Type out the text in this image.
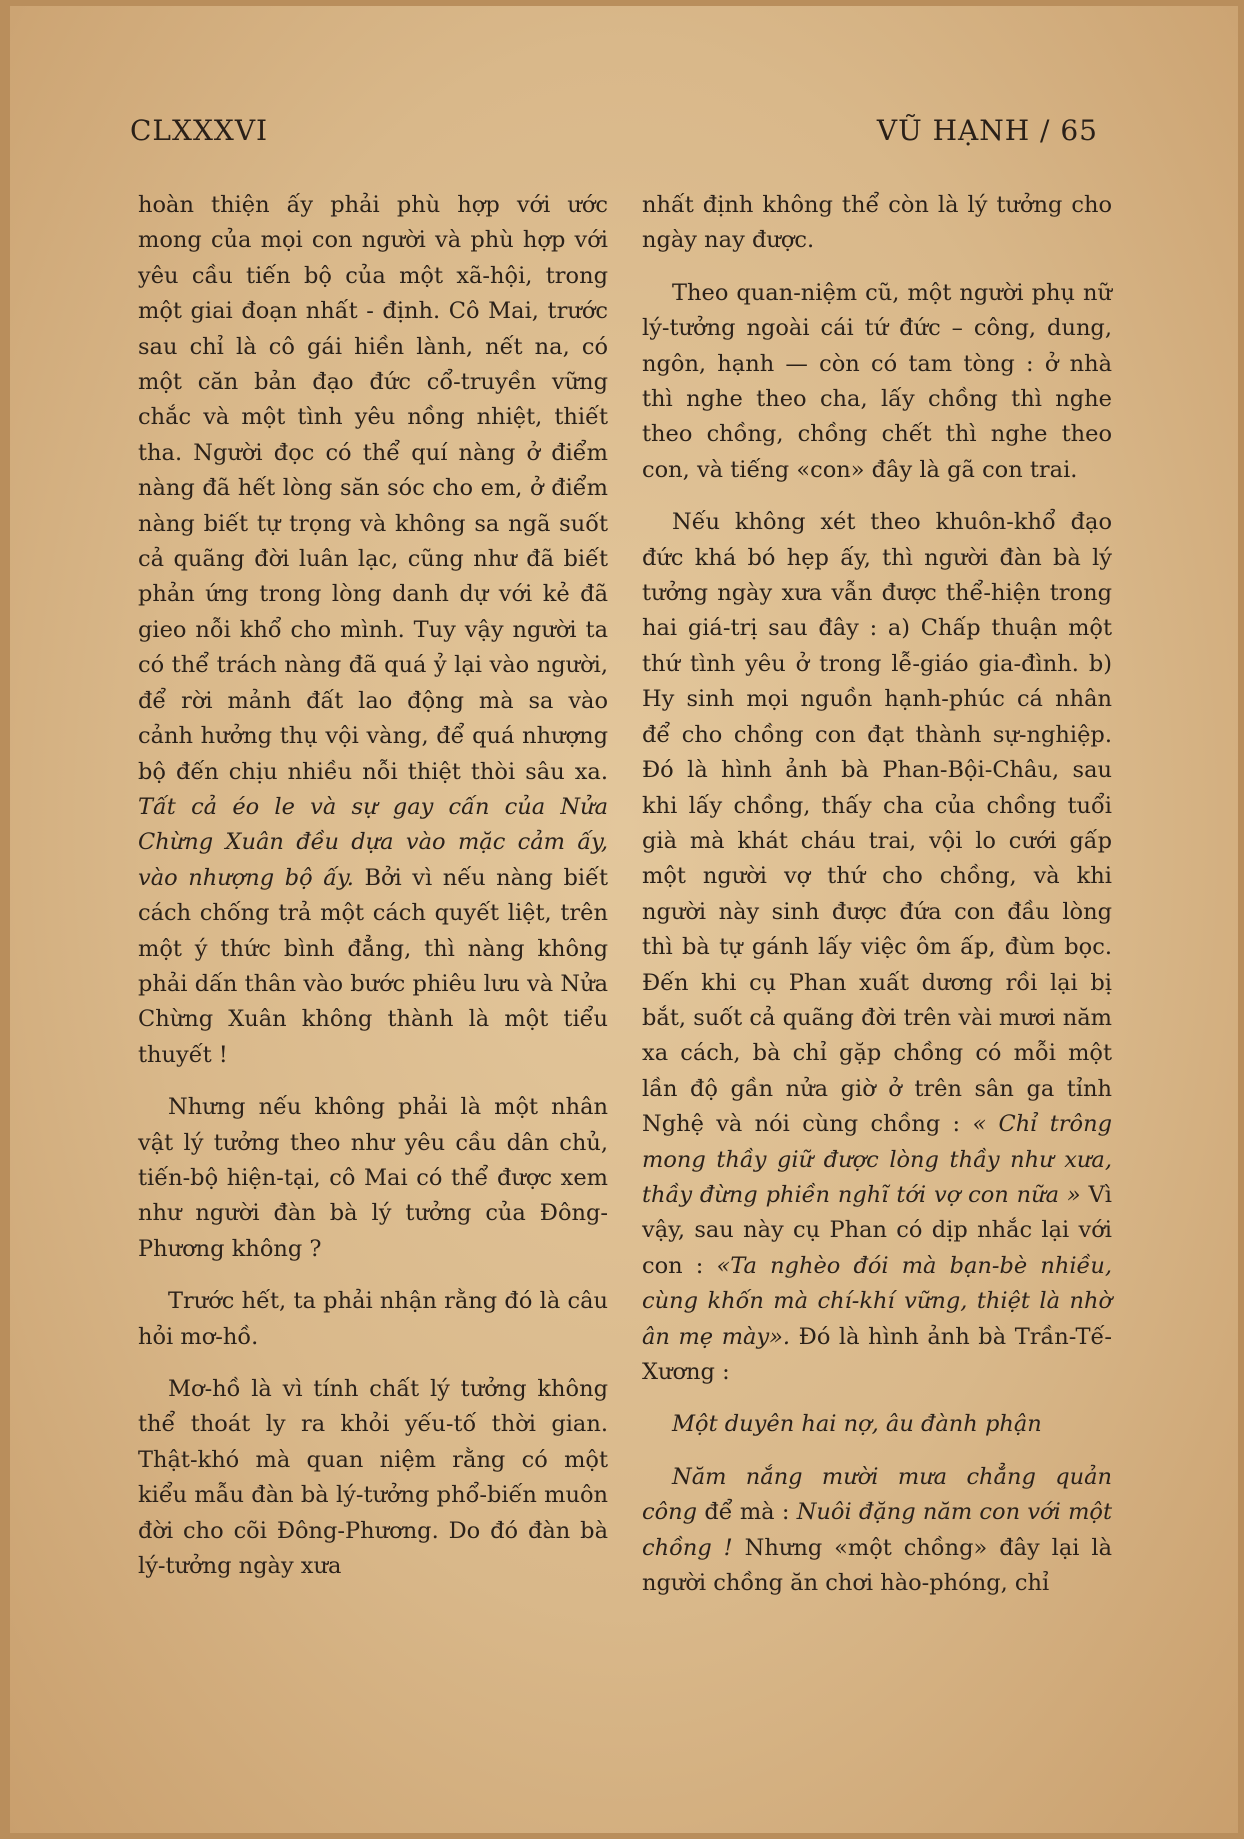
CLXXXVI	VŨ HẠNH / 65

hoàn thiện ấy phải phù hợp với ước mong của mọi con người và phù hợp với yêu cầu tiến bộ của một xã-hội, trong một giai đoạn nhất - định. Cô Mai, trước sau chỉ là cô gái hiền lành, nết na, có một căn bản đạo đức cổ-truyền vững chắc và một tình yêu nồng nhiệt, thiết tha. Người đọc có thể quí nàng ở điểm nàng đã hết lòng săn sóc cho em, ở điểm nàng biết tự trọng và không sa ngã suốt cả quãng đời luân lạc, cũng như đã biết phản ứng trong lòng danh dự với kẻ đã gieo nỗi khổ cho mình. Tuy vậy người ta có thể trách nàng đã quá ỷ lại vào người, để rời mảnh đất lao động mà sa vào cảnh hưởng thụ vội vàng, để quá nhượng bộ đến chịu nhiều nỗi thiệt thòi sâu xa. Tất cả éo le và sự gay cấn của Nửa Chừng Xuân đều dựa vào mặc cảm ấy, vào nhượng bộ ấy. Bởi vì nếu nàng biết cách chống trả một cách quyết liệt, trên một ý thức bình đẳng, thì nàng không phải dấn thân vào bước phiêu lưu và Nửa Chừng Xuân không thành là một tiểu thuyết !

Nhưng nếu không phải là một nhân vật lý tưởng theo như yêu cầu dân chủ, tiến-bộ hiện-tại, cô Mai có thể được xem như người đàn bà lý tưởng của Đông-Phương không ?

Trước hết, ta phải nhận rằng đó là câu hỏi mơ-hồ.

Mơ-hồ là vì tính chất lý tưởng không thể thoát ly ra khỏi yếu-tố thời gian. Thật-khó mà quan niệm rằng có một kiểu mẫu đàn bà lý-tưởng phổ-biến muôn đời cho cõi Đông-Phương. Do đó đàn bà lý-tưởng ngày xưa

nhất định không thể còn là lý tưởng cho ngày nay được.

Theo quan-niệm cũ, một người phụ nữ lý-tưởng ngoài cái tứ đức – công, dung, ngôn, hạnh — còn có tam tòng : ở nhà thì nghe theo cha, lấy chồng thì nghe theo chồng, chồng chết thì nghe theo con, và tiếng «con» đây là gã con trai.

Nếu không xét theo khuôn-khổ đạo đức khá bó hẹp ấy, thì người đàn bà lý tưởng ngày xưa vẫn được thể-hiện trong hai giá-trị sau đây : a) Chấp thuận một thứ tình yêu ở trong lễ-giáo gia-đình. b) Hy sinh mọi nguồn hạnh-phúc cá nhân để cho chồng con đạt thành sự-nghiệp. Đó là hình ảnh bà Phan-Bội-Châu, sau khi lấy chồng, thấy cha của chồng tuổi già mà khát cháu trai, vội lo cưới gấp một người vợ thứ cho chồng, và khi người này sinh được đứa con đầu lòng thì bà tự gánh lấy việc ôm ấp, đùm bọc. Đến khi cụ Phan xuất dương rồi lại bị bắt, suốt cả quãng đời trên vài mươi năm xa cách, bà chỉ gặp chồng có mỗi một lần độ gần nửa giờ ở trên sân ga tỉnh Nghệ và nói cùng chồng : « Chỉ trông mong thầy giữ được lòng thầy như xưa, thầy đừng phiền nghĩ tới vợ con nữa » Vì vậy, sau này cụ Phan có dịp nhắc lại với con : «Ta nghèo đói mà bạn-bè nhiều, cùng khốn mà chí-khí vững, thiệt là nhờ ân mẹ mày». Đó là hình ảnh bà Trần-Tế-Xương :

Một duyên hai nợ, âu đành phận

Năm nắng mười mưa chẳng quản công để mà : Nuôi đặng năm con với một chồng ! Nhưng «một chồng» đây lại là người chồng ăn chơi hào-phóng, chỉ
